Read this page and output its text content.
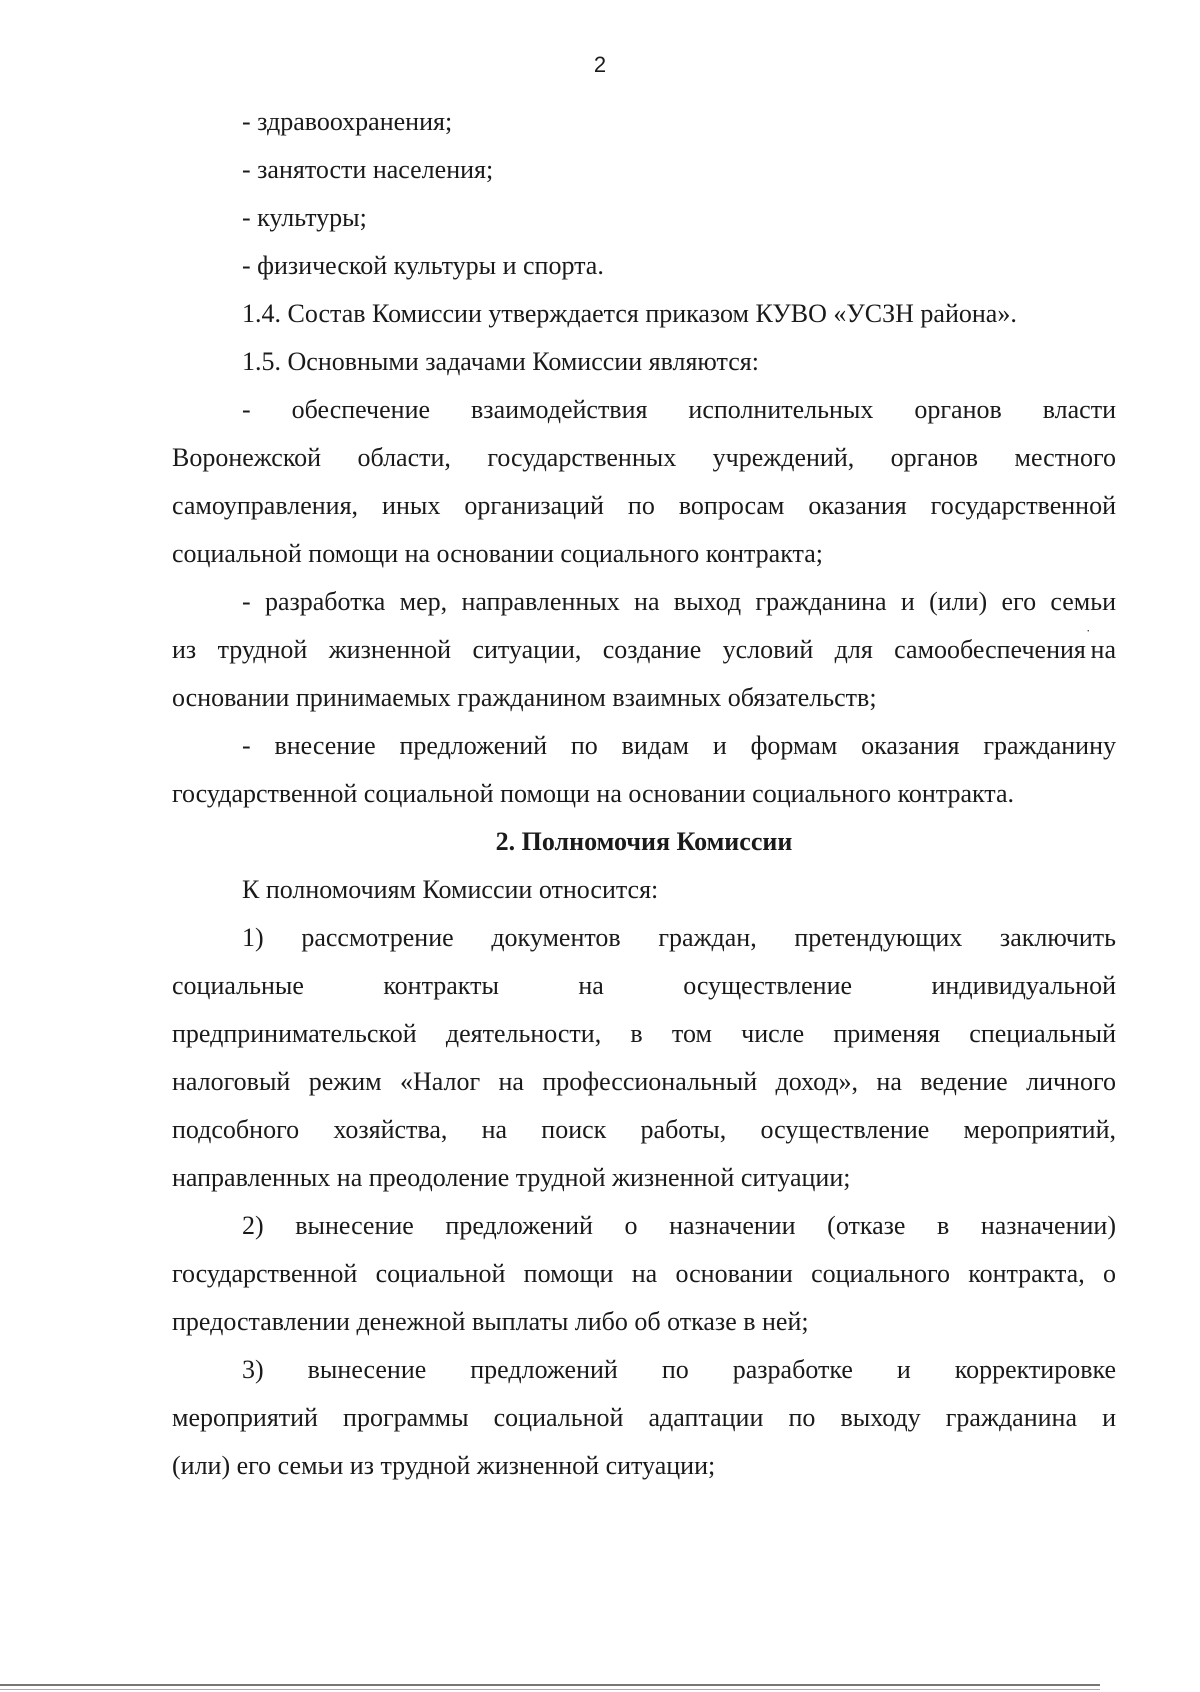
2

- здравоохранения;

- занятости населения;

- культуры;

- физической культуры и спорта.

1.4. Состав Комиссии утверждается приказом КУВО «УСЗН района».

1.5. Основными задачами Комиссии являются:

- обеспечение взаимодействия исполнительных органов власти

Воронежской области, государственных учреждений, органов местного

самоуправления, иных организаций по вопросам оказания государственной

социальной помощи на основании социального контракта;

- разработка мер, направленных на выход гражданина и (или) его семьи

из трудной жизненной ситуации, создание условий для самообеспечения˙на

основании принимаемых гражданином взаимных обязательств;

- внесение предложений по видам и формам оказания гражданину

государственной социальной помощи на основании социального контракта.

2. Полномочия Комиссии

К полномочиям Комиссии относится:

1) рассмотрение документов граждан, претендующих заключить

социальные контракты на осуществление индивидуальной

предпринимательской деятельности, в том числе применяя специальный

налоговый режим «Налог на профессиональный доход», на ведение личного

подсобного хозяйства, на поиск работы, осуществление мероприятий,

направленных на преодоление трудной жизненной ситуации;

2) вынесение предложений о назначении (отказе в назначении)

государственной социальной помощи на основании социального контракта, о

предоставлении денежной выплаты либо об отказе в ней;

3) вынесение предложений по разработке и корректировке

мероприятий программы социальной адаптации по выходу гражданина и

(или) его семьи из трудной жизненной ситуации;
